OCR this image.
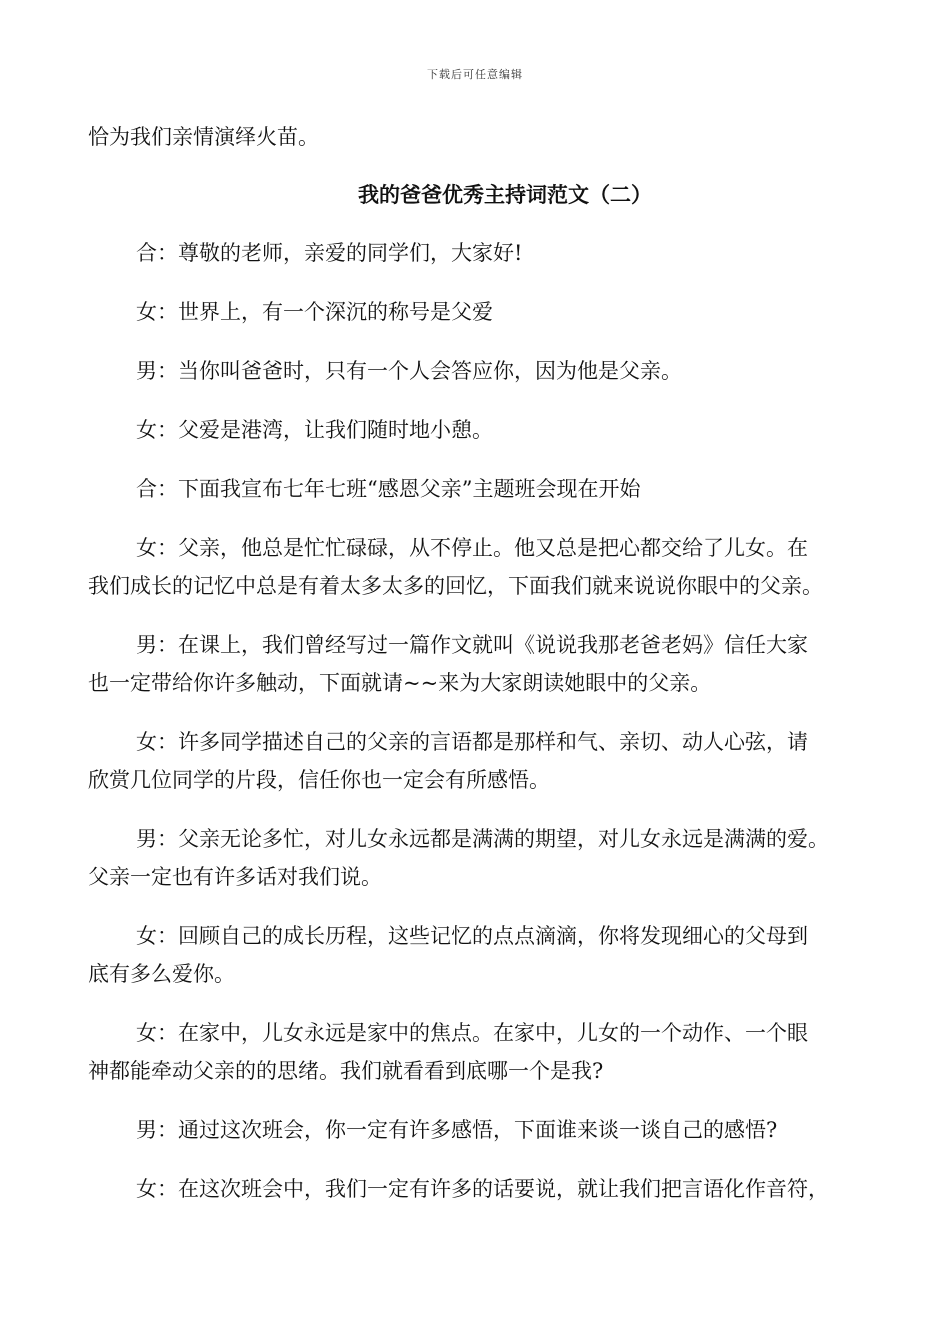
下载后可任意编辑

恰为我们亲情演绎火苗。

我的爸爸优秀主持词范文（二）

合：尊敬的老师，亲爱的同学们，大家好!

女：世界上，有一个深沉的称号是父爱

男：当你叫爸爸时，只有一个人会答应你，因为他是父亲。

女：父爱是港湾，让我们随时地小憩。

合：下面我宣布七年七班“感恩父亲”主题班会现在开始

女：父亲，他总是忙忙碌碌，从不停止。他又总是把心都交给了儿女。在

我们成长的记忆中总是有着太多太多的回忆，下面我们就来说说你眼中的父亲。

男：在课上，我们曾经写过一篇作文就叫《说说我那老爸老妈》信任大家

也一定带给你许多触动，下面就请~~来为大家朗读她眼中的父亲。

女：许多同学描述自己的父亲的言语都是那样和气、亲切、动人心弦，请

欣赏几位同学的片段，信任你也一定会有所感悟。

男：父亲无论多忙，对儿女永远都是满满的期望，对儿女永远是满满的爱。

父亲一定也有许多话对我们说。

女：回顾自己的成长历程，这些记忆的点点滴滴，你将发现细心的父母到

底有多么爱你。

女：在家中，儿女永远是家中的焦点。在家中，儿女的一个动作、一个眼

神都能牵动父亲的的思绪。我们就看看到底哪一个是我?

男：通过这次班会，你一定有许多感悟，下面谁来谈一谈自己的感悟?

女：在这次班会中，我们一定有许多的话要说，就让我们把言语化作音符，
